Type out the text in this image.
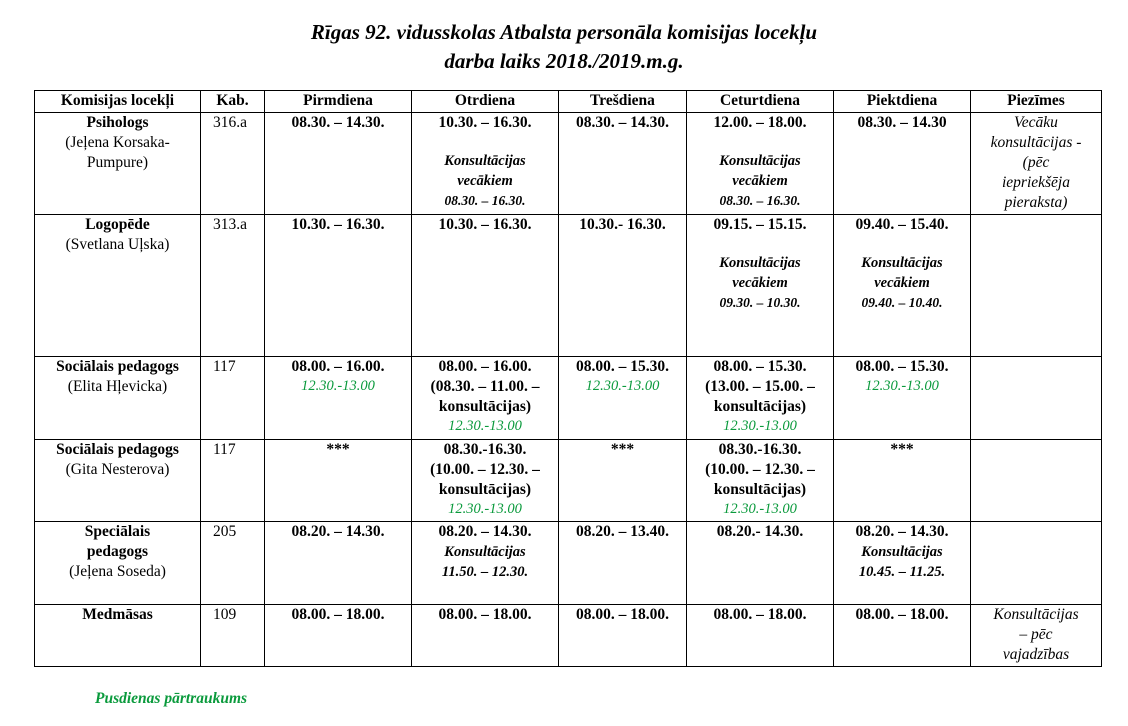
Rīgas 92. vidusskolas Atbalsta personāla komisijas locekļu
darba laiks 2018./2019.m.g.
Komisijas locekļi	Kab.	Pirmdiena	Otrdiena	Trešdiena	Ceturtdiena	Piektdiena	Piezīmes

Psihologs
(Jeļena Korsaka-
Pumpure)	316.a	08.30. – 14.30.	10.30. – 16.30.
Konsultācijas
vecākiem
08.30. – 16.30.	08.30. – 14.30.	12.00. – 18.00.
Konsultācijas
vecākiem
08.30. – 16.30.	08.30. – 14.30	Vecāku
konsultācijas -
(pēc
iepriekšēja
pieraksta)

Logopēde
(Svetlana Uļska)	313.a	10.30. – 16.30.	10.30. – 16.30.	10.30.- 16.30.	09.15. – 15.15.
Konsultācijas
vecākiem
09.30. – 10.30.	09.40. – 15.40.
Konsultācijas
vecākiem
09.40. – 10.40.	

Sociālais pedagogs
(Elita Hļevicka)	117	08.00. – 16.00.
12.30.-13.00	08.00. – 16.00.
(08.30. – 11.00. –
konsultācijas)
12.30.-13.00	08.00. – 15.30.
12.30.-13.00	08.00. – 15.30.
(13.00. – 15.00. –
konsultācijas)
12.30.-13.00	08.00. – 15.30.
12.30.-13.00	

Sociālais pedagogs
(Gita Nesterova)	117	***	08.30.-16.30.
(10.00. – 12.30. –
konsultācijas)
12.30.-13.00	***	08.30.-16.30.
(10.00. – 12.30. –
konsultācijas)
12.30.-13.00	***	

Speciālais
pedagogs
(Jeļena Soseda)	205	08.20. – 14.30.	08.20. – 14.30.
Konsultācijas
11.50. – 12.30.	08.20. – 13.40.	08.20.- 14.30.	08.20. – 14.30.
Konsultācijas
10.45. – 11.25.	

Medmāsas	109	08.00. – 18.00.	08.00. – 18.00.	08.00. – 18.00.	08.00. – 18.00.	08.00. – 18.00.	Konsultācijas
– pēc
vajadzības
Pusdienas pārtraukums
